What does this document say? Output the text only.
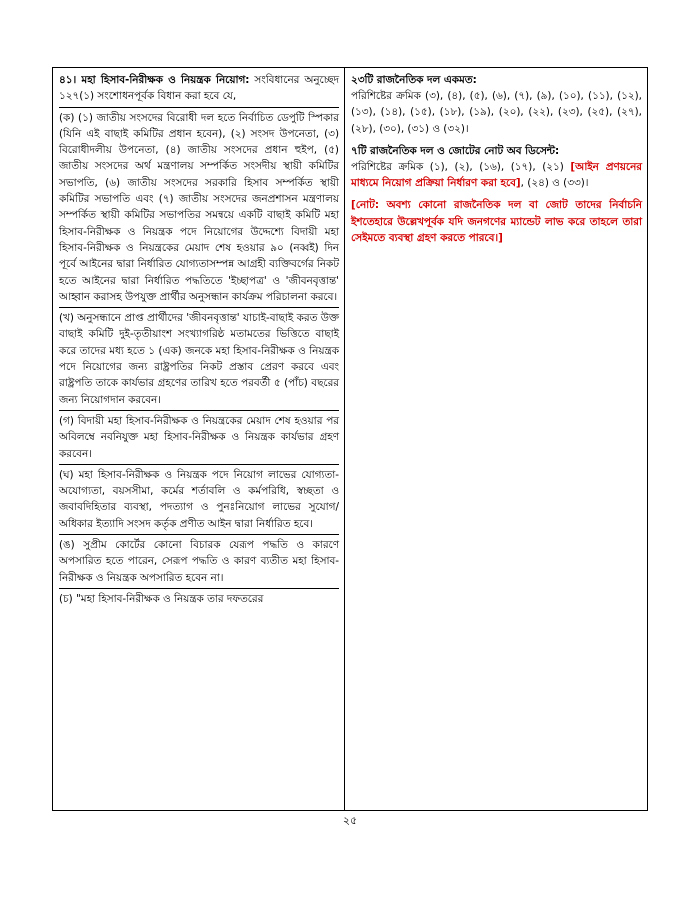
৪১। মহা হিসাব-নিরীক্ষক ও নিয়ন্ত্রক নিয়োগ: সংবিধানের অনুচ্ছেদ ১২৭(১) সংশোধনপূর্বক বিধান করা হবে যে,

(ক) (১) জাতীয় সংসদের বিরোধী দল হতে নির্বাচিত ডেপুটি স্পিকার (যিনি এই বাছাই কমিটির প্রধান হবেন), (২) সংসদ উপনেতা, (৩) বিরোধীদলীয় উপনেতা, (৪) জাতীয় সংসদের প্রধান হুইপ, (৫) জাতীয় সংসদের অর্থ মন্ত্রণালয় সম্পর্কিত সংসদীয় স্থায়ী কমিটির সভাপতি, (৬) জাতীয় সংসদের সরকারি হিসাব সম্পর্কিত স্থায়ী কমিটির সভাপতি এবং (৭) জাতীয় সংসদের জনপ্রশাসন মন্ত্রণালয় সম্পর্কিত স্থায়ী কমিটির সভাপতির সমন্বয়ে একটি বাছাই কমিটি মহা হিসাব-নিরীক্ষক ও নিয়ন্ত্রক পদে নিয়োগের উদ্দেশ্যে বিদায়ী মহা হিসাব-নিরীক্ষক ও নিয়ন্ত্রকের মেয়াদ শেষ হওয়ার ৯০ (নব্বই) দিন পূর্বে আইনের দ্বারা নির্ধারিত যোগ্যতাসম্পন্ন আগ্রহী ব্যক্তিবর্গের নিকট হতে আইনের দ্বারা নির্ধারিত পদ্ধতিতে 'ইচ্ছাপত্র' ও 'জীবনবৃত্তান্ত' আহ্বান করাসহ উপযুক্ত প্রার্থীর অনুসন্ধান কার্যক্রম পরিচালনা করবে।

(খ) অনুসন্ধানে প্রাপ্ত প্রার্থীদের 'জীবনবৃত্তান্ত' যাচাই-বাছাই করত উক্ত বাছাই কমিটি দুই-তৃতীয়াংশ সংখ্যাগরিষ্ঠ মতামতের ভিত্তিতে বাছাই করে তাদের মধ্য হতে ১ (এক) জনকে মহা হিসাব-নিরীক্ষক ও নিয়ন্ত্রক পদে নিয়োগের জন্য রাষ্ট্রপতির নিকট প্রস্তাব প্রেরণ করবে এবং রাষ্ট্রপতি তাকে কার্যভার গ্রহণের তারিখ হতে পরবর্তী ৫ (পাঁচ) বছরের জন্য নিয়োগদান করবেন।

(গ) বিদায়ী মহা হিসাব-নিরীক্ষক ও নিয়ন্ত্রকের মেয়াদ শেষ হওয়ার পর অবিলম্বে নবনিযুক্ত মহা হিসাব-নিরীক্ষক ও নিয়ন্ত্রক কার্যভার গ্রহণ করবেন।

(ঘ) মহা হিসাব-নিরীক্ষক ও নিয়ন্ত্রক পদে নিয়োগ লাভের যোগ্যতা-অযোগ্যতা, বয়সসীমা, কর্মের শর্তাবলি ও কর্মপরিধি, স্বচ্ছতা ও জবাবদিহিতার ব্যবস্থা, পদত্যাগ ও পুনঃনিয়োগ লাভের সুযোগ/অধিকার ইত্যাদি সংসদ কর্তৃক প্রণীত আইন দ্বারা নির্ধারিত হবে।

(ঙ) সুপ্রীম কোর্টের কোনো বিচারক যেরূপ পদ্ধতি ও কারণে অপসারিত হতে পারেন, সেরূপ পদ্ধতি ও কারণ ব্যতীত মহা হিসাব-নিরীক্ষক ও নিয়ন্ত্রক অপসারিত হবেন না।

(চ) "মহা হিসাব-নিরীক্ষক ও নিয়ন্ত্রক তার দফতরের

২৩টি রাজনৈতিক দল একমত:
পরিশিষ্টের ক্রমিক (৩), (৪), (৫), (৬), (৭), (৯), (১০), (১১), (১২), (১৩), (১৪), (১৫), (১৮), (১৯), (২০), (২২), (২৩), (২৫), (২৭), (২৮), (৩০), (৩১) ও (৩২)।

৭টি রাজনৈতিক দল ও জোটের নোট অব ডিসেন্ট:
পরিশিষ্টের ক্রমিক (১), (২), (১৬), (১৭), (২১) [আইন প্রণয়নের মাধ্যমে নিয়োগ প্রক্রিয়া নির্ধারণ করা হবে], (২৪) ও (৩৩)।

[নোট: অবশ্য কোনো রাজনৈতিক দল বা জোট তাদের নির্বাচনি ইশতেহারে উল্লেখপূর্বক যদি জনগণের ম্যান্ডেট লাভ করে তাহলে তারা সেইমতে ব্যবস্থা গ্রহণ করতে পারবে।]

২৫
